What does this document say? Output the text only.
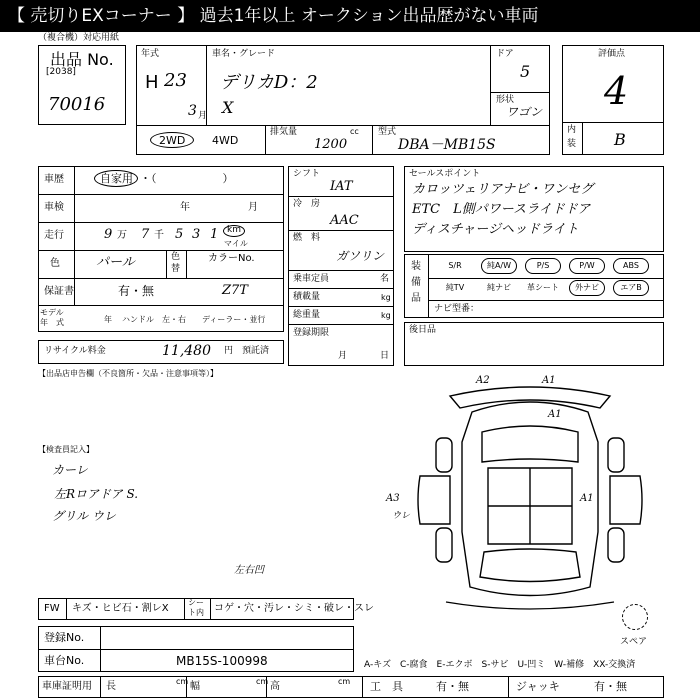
【 売切りEXコーナー 】 過去1年以上 オークション出品歴がない車両
（複合機）対応用紙
出品 No.
[2038]
70016
年式
H 23
3 月
車名・グレード
デリカD：2
X
ドア
5
形状
ワゴン
2WD 4WD
排気量	cc
1200
型式
DBA－MB15S
評価点
4
内
装 B
車歴	自家用 ・（　　　　　　）
車検	年	月
走行	9 万 7 千 5 3 1 km
マイル
色	パール	色
替
カラーNo.
Z7T
保証書	有・無
モデル
年　式	年 ハンドル　左・右 ディーラー・並行
リサイクル料金	11,480 円 預託済
シフト
IAT
冷　房
AAC
燃　料
ガソリン
乗車定員	名
積載量	kg
総重量	kg
登録期限
月	日
セールスポイント
カロッツェリアナビ・ワンセグ
ETC　L側パワースライドドア
ディスチャージヘッドライト
装
備
品
S/R	純A/W	P/S	P/W	ABS
純TV	純ナビ	革シート	外ナビ	エアB
ナビ型番：
後日品
【出品店申告欄（不良箇所・欠品・注意事項等）】
【検査員記入】
カーレ
左Rロアドア S.
グリル ウレ
左右凹
A2	A1
A1
A3
ウレ
A1
スペア
FW キズ・ヒビ石・割レX
シー
ト内 コゲ・穴・汚レ・シミ・破レ・スレ
登録No.
車台No.	MB15S-100998	A-キズ　C-腐食　E-エクボ　S-サビ　U-凹ミ　W-補修　XX-交換済
車庫証明用 長	cm 幅	cm 高	cm 工　具	有・無	ジャッキ	有・無
